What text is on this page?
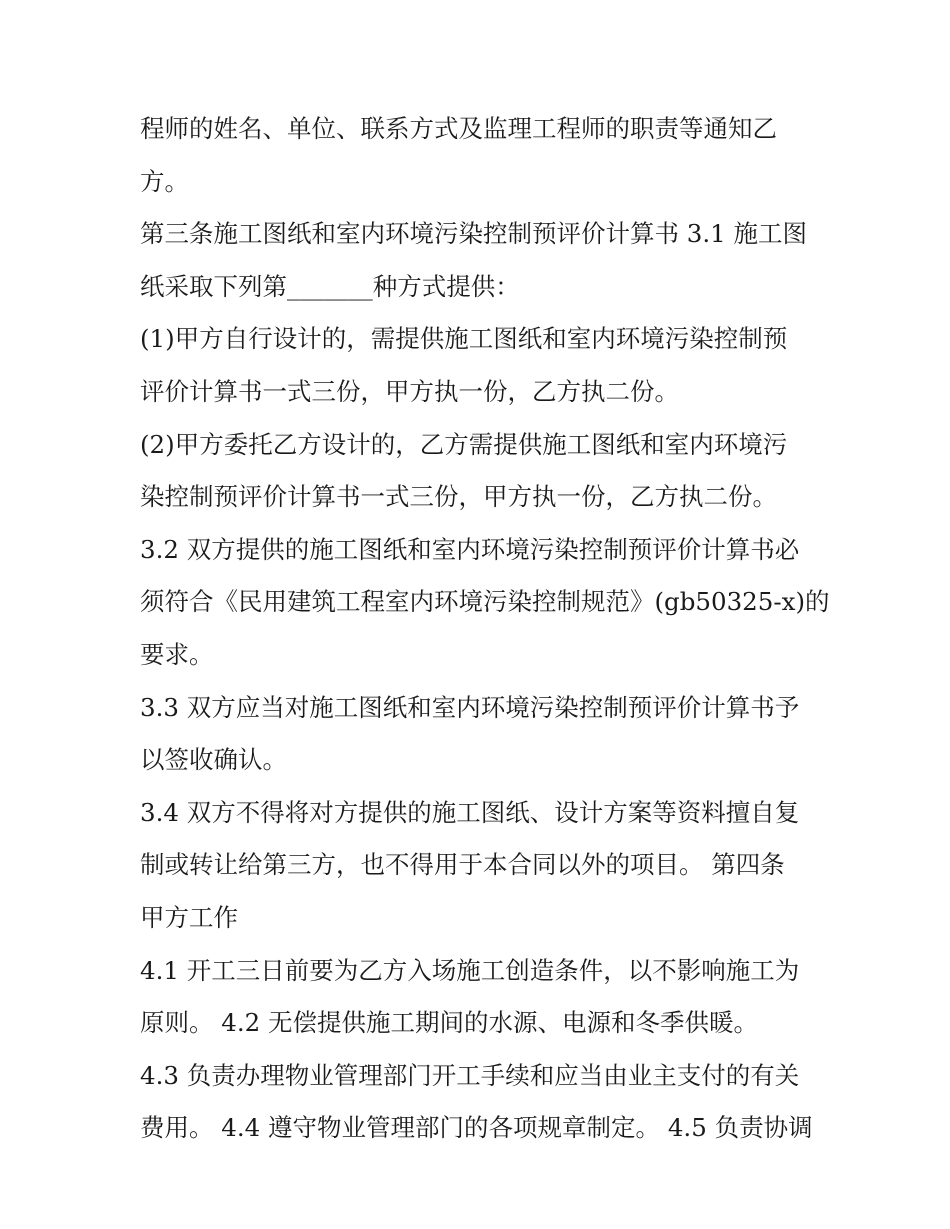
程师的姓名、单位、联系方式及监理工程师的职责等通知乙
方。
第三条施工图纸和室内环境污染控制预评价计算书 3.1 施工图
纸采取下列第_______种方式提供：
(1)甲方自行设计的，需提供施工图纸和室内环境污染控制预
评价计算书一式三份，甲方执一份，乙方执二份。
(2)甲方委托乙方设计的，乙方需提供施工图纸和室内环境污
染控制预评价计算书一式三份，甲方执一份，乙方执二份。
3.2 双方提供的施工图纸和室内环境污染控制预评价计算书必
须符合《民用建筑工程室内环境污染控制规范》(gb50325-x)的
要求。
3.3 双方应当对施工图纸和室内环境污染控制预评价计算书予
以签收确认。
3.4 双方不得将对方提供的施工图纸、设计方案等资料擅自复
制或转让给第三方，也不得用于本合同以外的项目。 第四条
甲方工作
4.1 开工三日前要为乙方入场施工创造条件，以不影响施工为
原则。 4.2 无偿提供施工期间的水源、电源和冬季供暖。
4.3 负责办理物业管理部门开工手续和应当由业主支付的有关
费用。 4.4 遵守物业管理部门的各项规章制定。 4.5 负责协调
